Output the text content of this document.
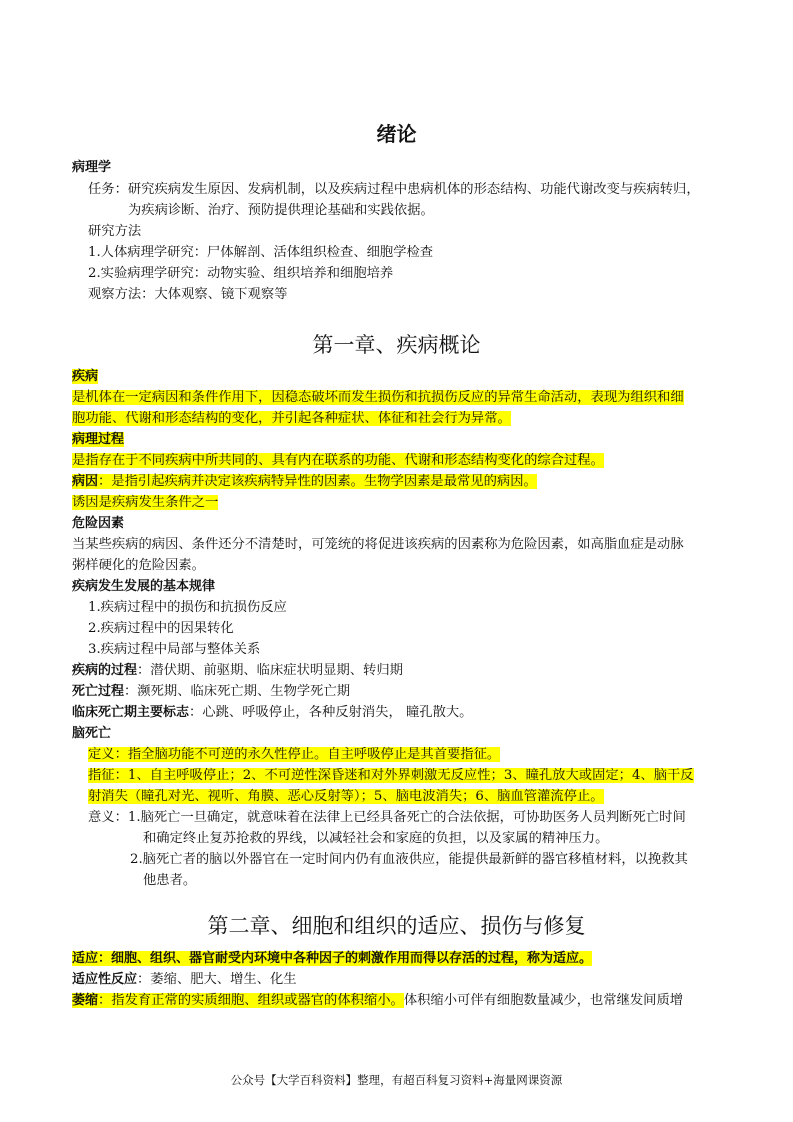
绪论
病理学
任务：研究疾病发生原因、发病机制，以及疾病过程中患病机体的形态结构、功能代谢改变与疾病转归，
为疾病诊断、治疗、预防提供理论基础和实践依据。
研究方法
1.人体病理学研究：尸体解剖、活体组织检查、细胞学检查
2.实验病理学研究：动物实验、组织培养和细胞培养
观察方法：大体观察、镜下观察等
第一章、疾病概论
疾病
是机体在一定病因和条件作用下，因稳态破坏而发生损伤和抗损伤反应的异常生命活动，表现为组织和细
胞功能、代谢和形态结构的变化，并引起各种症状、体征和社会行为异常。
病理过程
是指存在于不同疾病中所共同的、具有内在联系的功能、代谢和形态结构变化的综合过程。
病因：是指引起疾病并决定该疾病特异性的因素。生物学因素是最常见的病因。
诱因是疾病发生条件之一
危险因素
当某些疾病的病因、条件还分不清楚时，可笼统的将促进该疾病的因素称为危险因素，如高脂血症是动脉
粥样硬化的危险因素。
疾病发生发展的基本规律
1.疾病过程中的损伤和抗损伤反应
2.疾病过程中的因果转化
3.疾病过程中局部与整体关系
疾病的过程：潜伏期、前驱期、临床症状明显期、转归期
死亡过程：濒死期、临床死亡期、生物学死亡期
临床死亡期主要标志：心跳、呼吸停止，各种反射消失， 瞳孔散大。
脑死亡
定义：指全脑功能不可逆的永久性停止。自主呼吸停止是其首要指征。
指征：1、自主呼吸停止；2、不可逆性深昏迷和对外界刺激无反应性；3、瞳孔放大或固定；4、脑干反
射消失（瞳孔对光、视听、角膜、恶心反射等）；5、脑电波消失；6、脑血管灌流停止。
意义：1.脑死亡一旦确定，就意味着在法律上已经具备死亡的合法依据，可协助医务人员判断死亡时间
和确定终止复苏抢救的界线，以减轻社会和家庭的负担，以及家属的精神压力。
2.脑死亡者的脑以外器官在一定时间内仍有血液供应，能提供最新鲜的器官移植材料，以挽救其
他患者。
第二章、细胞和组织的适应、损伤与修复
适应：细胞、组织、器官耐受内环境中各种因子的刺激作用而得以存活的过程，称为适应。
适应性反应：萎缩、肥大、增生、化生
萎缩：指发育正常的实质细胞、组织或器官的体积缩小。体积缩小可伴有细胞数量减少，也常继发间质增
公众号【大学百科资料】整理，有超百科复习资料+海量网课资源
